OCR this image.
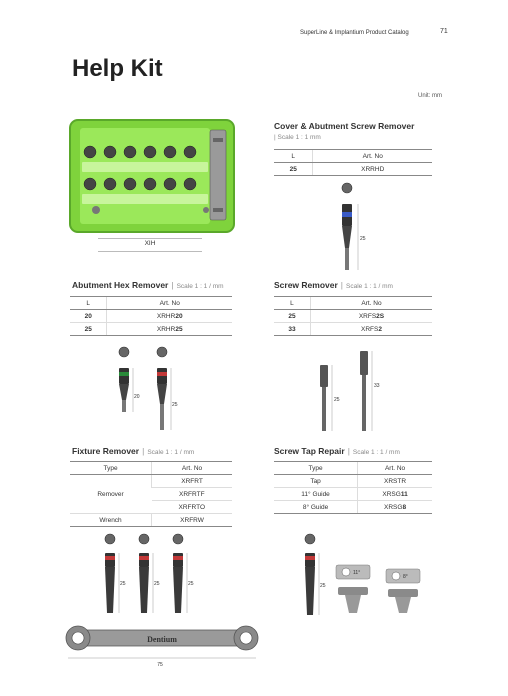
SuperLine & Implantium Product Catalog	71
Help Kit
Unit: mm
XIH
Cover & Abutment Screw Remover
| Scale 1 : 1 mm
L	Art. No
25	XRRHD
25
Abutment Hex Remover | Scale 1 : 1 / mm
L	Art. No
20	XRHR20
25	XRHR25
20
25
Screw Remover | Scale 1 : 1 / mm
L	Art. No
25	XRFS2S
33	XRFS2
25
33
Fixture Remover | Scale 1 : 1 / mm
Type	Art. No
Remover	XRFRT
	XRFRTF
	XRFRTO
Wrench	XRFRW
25	25	25
Dentium
75
Screw Tap Repair | Scale 1 : 1 / mm
Type	Art. No
Tap	XRSTR
11° Guide	XRSG11
8° Guide	XRSG8
25
11°
8°
